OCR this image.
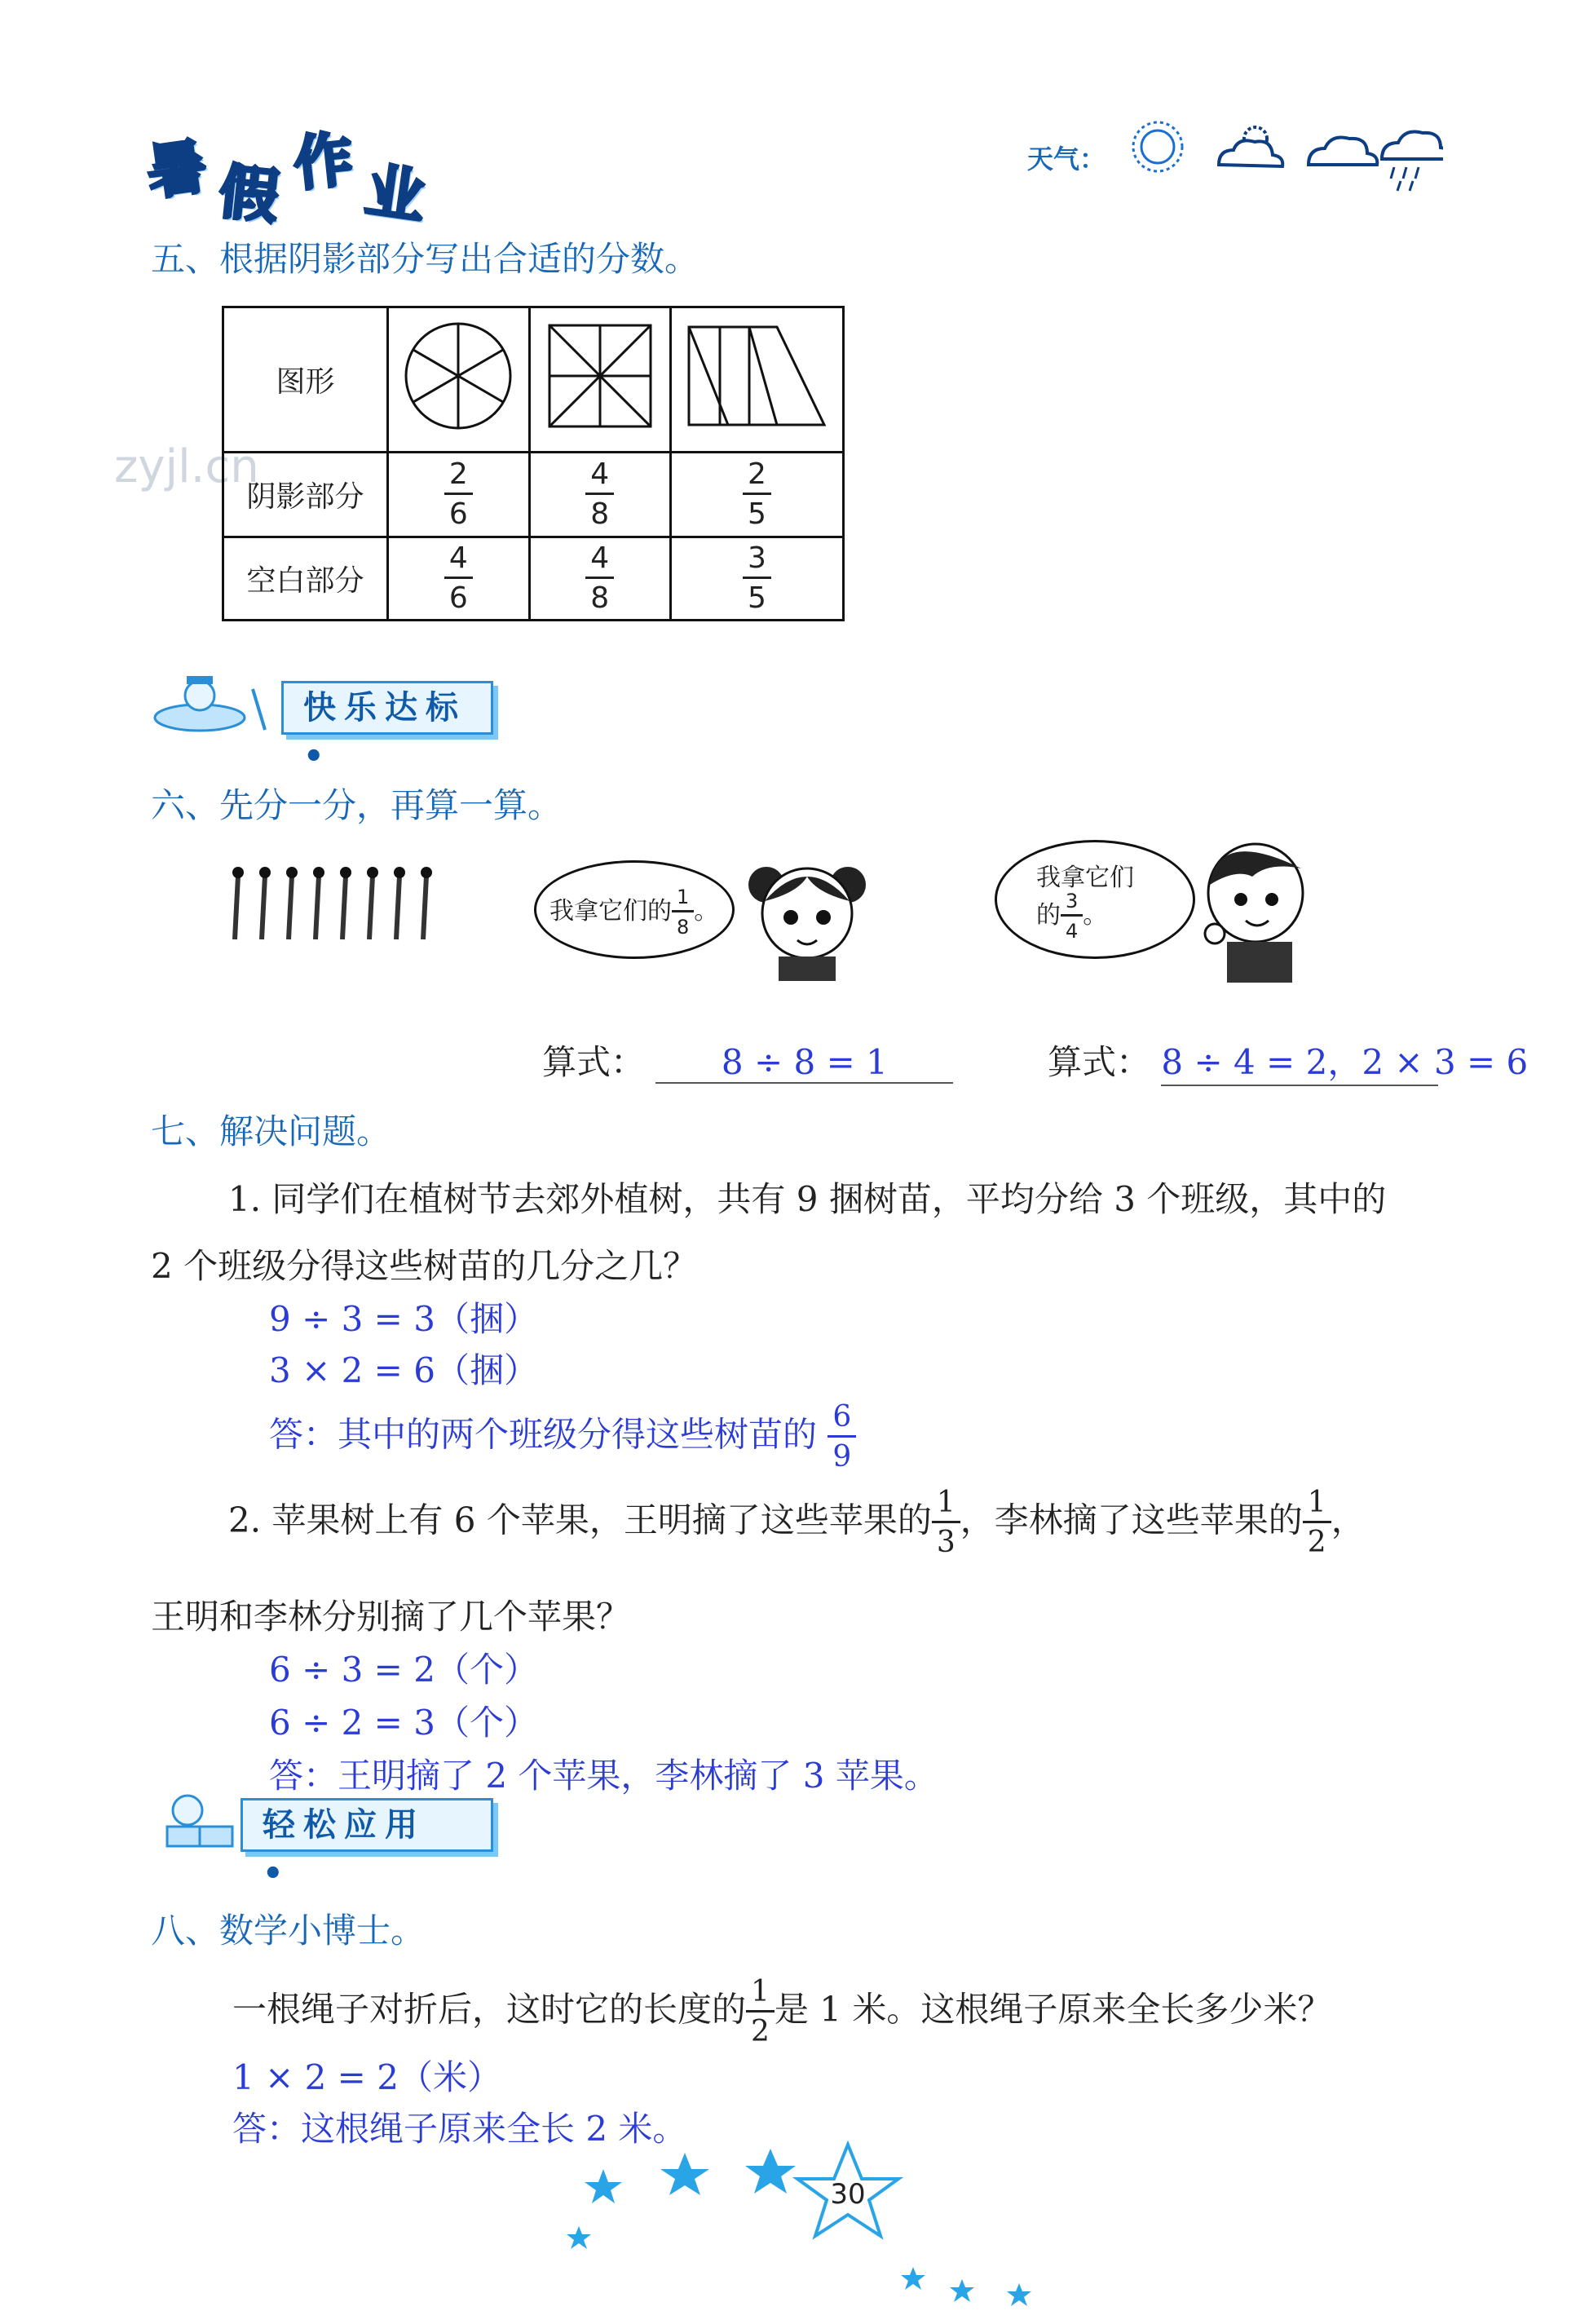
暑 假 作 业	天气：
五、根据阴影部分写出合适的分数。
zyjl.cn
图形			
阴影部分	$\frac{2}{6}$	$\frac{4}{8}$	$\frac{2}{5}$

空白部分	$\frac{4}{6}$	$\frac{4}{8}$	$\frac{3}{5}$
快乐达标 •
六、先分一分，再算一算。
我拿它们的 $\frac{1}{8}$ 。
我拿它们
的 $\frac{3}{4}$ 。
算式： 8 ÷ 8 = 1	算式： 8 ÷ 4 = 2，2 × 3 = 6
七、解决问题。
1. 同学们在植树节去郊外植树，共有 9 捆树苗，平均分给 3 个班级，其中的
2 个班级分得这些树苗的几分之几？
9 ÷ 3 = 3（捆）
3 × 2 = 6（捆）
答：其中的两个班级分得这些树苗的 $\frac{6}{9}$
2. 苹果树上有 6 个苹果，王明摘了这些苹果的 $\frac{1}{3}$ ，李林摘了这些苹果的 $\frac{1}{2}$ ，
王明和李林分别摘了几个苹果？
6 ÷ 3 = 2（个）
6 ÷ 2 = 3（个）
答：王明摘了 2 个苹果，李林摘了 3 苹果。
轻松应用 •
八、数学小博士。
一根绳子对折后，这时它的长度的 $\frac{1}{2}$ 是 1 米。这根绳子原来全长多少米？
1 × 2 = 2（米）
答：这根绳子原来全长 2 米。
30
